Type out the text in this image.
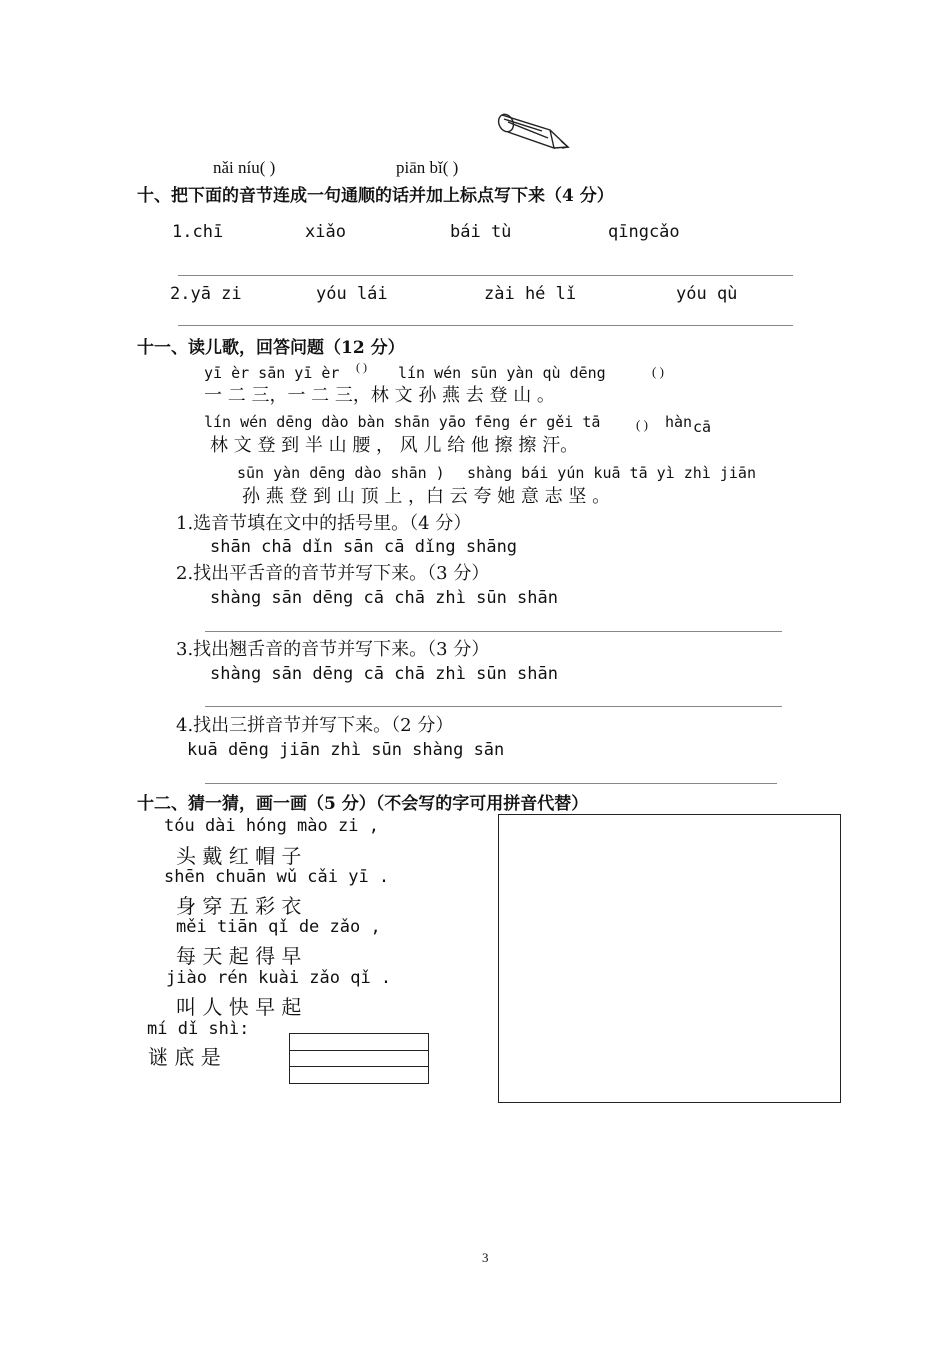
nǎi níu( )	piān bǐ( )
十、把下面的音节连成一句通顺的话并加上标点写下来（4 分）
1.chī	xiǎo	bái tù	qīngcǎo
2.yā zi	yóu lái	zài hé lǐ	yóu qù
十一、读儿歌，回答问题（12 分）
yī èr sān yī èr ( ) lín wén sūn yàn qù dēng	( )
一 二 三，一 二 三，林 文 孙 燕 去 登 山 。
lín wén dēng dào bàn shān yāo fēng ér gěi tā	( ) hàn cā
林 文 登 到 半 山 腰 ， 风 儿 给 他 擦 擦 汗。
sūn yàn dēng dào shān ) shàng bái yún kuā tā yì zhì jiān
孙 燕 登 到 山 顶 上 ，白 云 夸 她 意 志 坚 。
1.选音节填在文中的括号里。（4 分）
shān chā dǐn sān cā dǐng shāng
2.找出平舌音的音节并写下来。（3 分）
shàng sān dēng cā chā zhì sūn shān
3.找出翘舌音的音节并写下来。（3 分）
shàng sān dēng cā chā zhì sūn shān
4.找出三拼音节并写下来。（2 分）
kuā dēng jiān zhì sūn shàng sān
十二、猜一猜，画一画（5 分）（不会写的字可用拼音代替）
tóu dài hóng mào zi ,
头 戴 红 帽 子
shēn chuān wǔ cǎi yī .
身 穿 五 彩 衣
měi tiān qǐ de zǎo ,
每 天 起 得 早
jiào rén kuài zǎo qǐ .
叫 人 快 早 起
mí dǐ shì:
谜 底 是
3
